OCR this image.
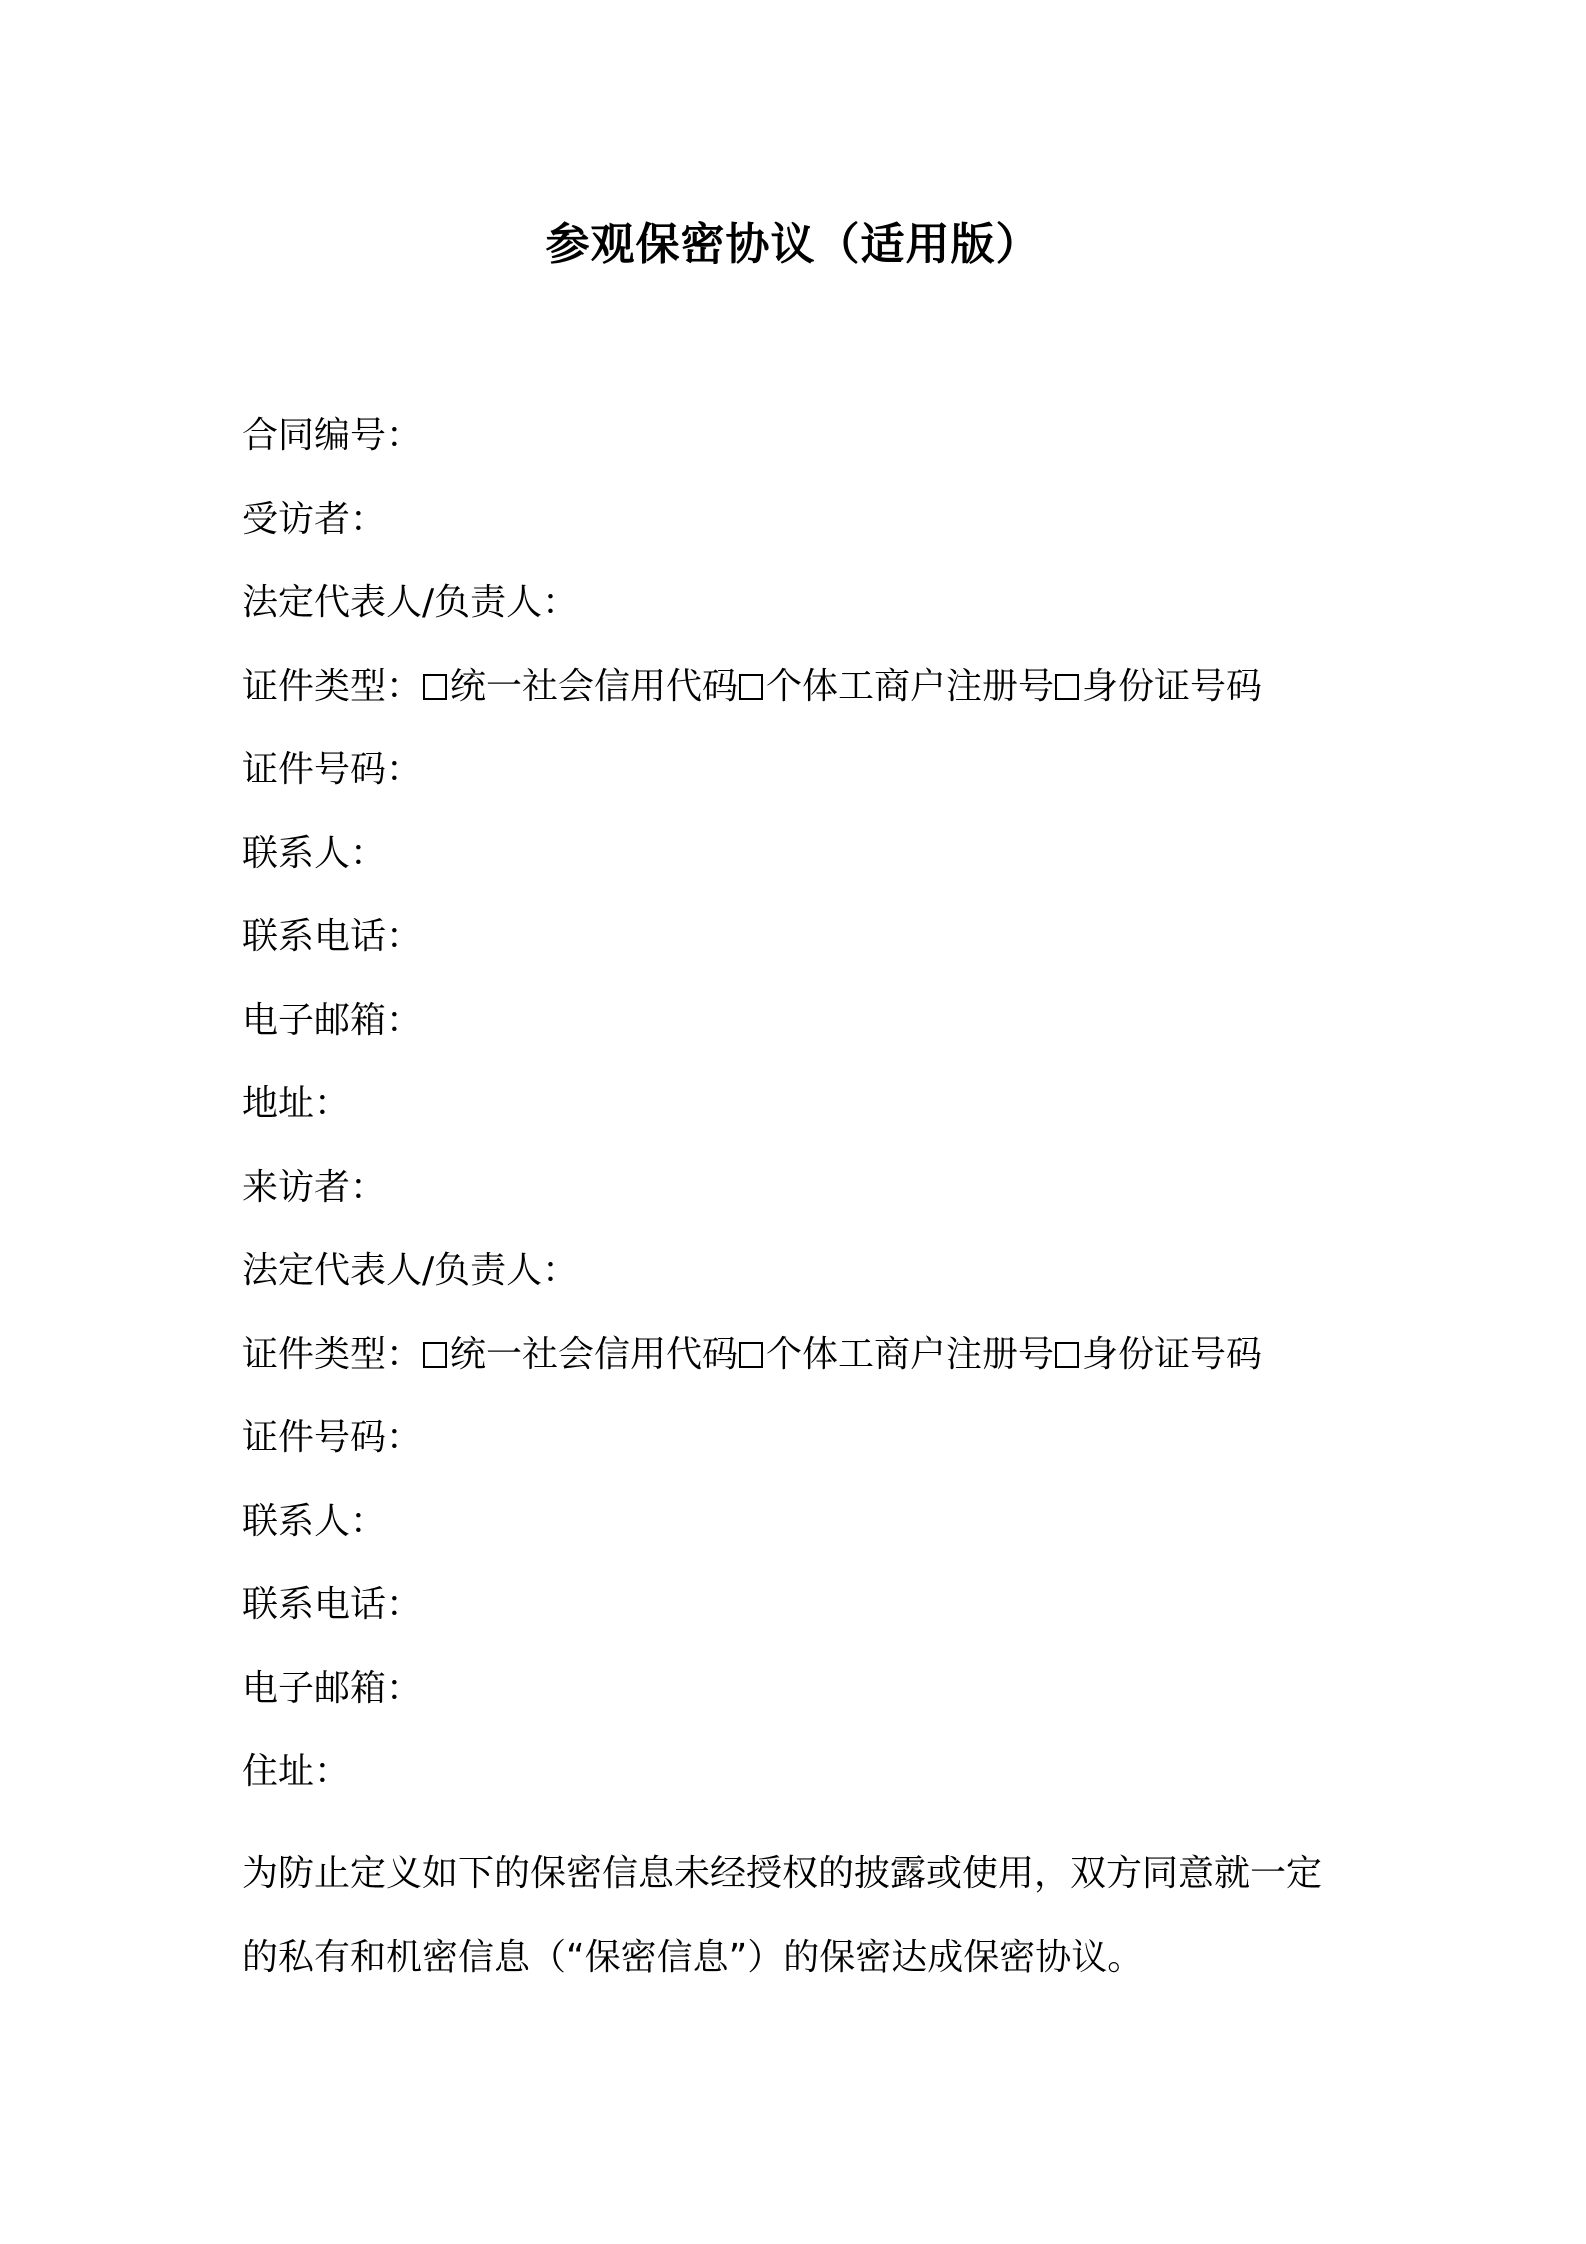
参观保密协议（适用版）
合同编号：
受访者：
法定代表人/负责人：
证件类型： 统一社会信用代码 个体工商户注册号 身份证号码
证件号码：
联系人：
联系电话：
电子邮箱：
地址：
来访者：
法定代表人/负责人：
证件类型： 统一社会信用代码 个体工商户注册号 身份证号码
证件号码：
联系人：
联系电话：
电子邮箱：
住址：
为防止定义如下的保密信息未经授权的披露或使用，双方同意就一定
的私有和机密信息（“保密信息”）的保密达成保密协议。
